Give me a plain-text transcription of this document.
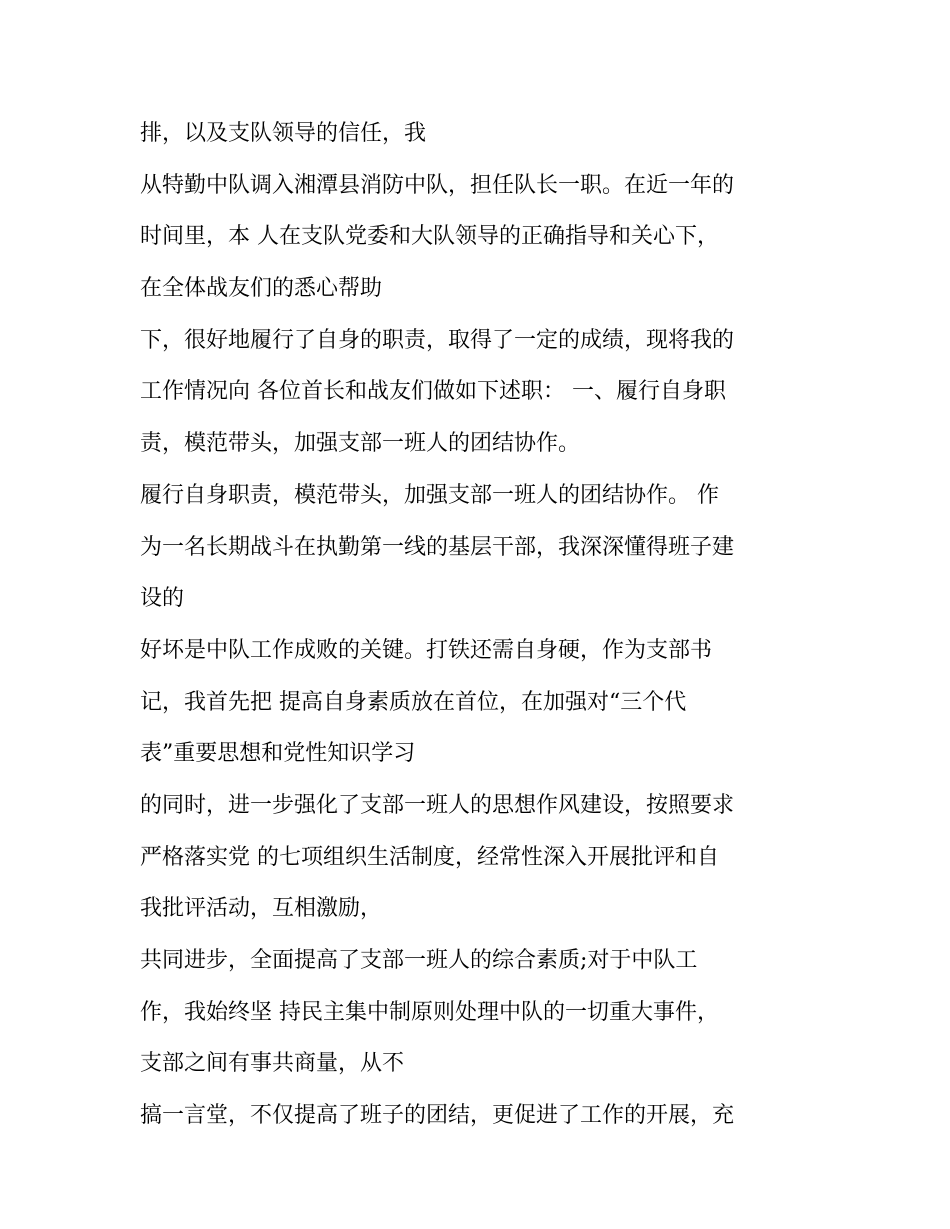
排，以及支队领导的信任，我
从特勤中队调入湘潭县消防中队，担任队长一职。在近一年的
时间里，本 人在支队党委和大队领导的正确指导和关心下，
在全体战友们的悉心帮助
下，很好地履行了自身的职责，取得了一定的成绩，现将我的
工作情况向 各位首长和战友们做如下述职： 一、履行自身职
责，模范带头，加强支部一班人的团结协作。
履行自身职责，模范带头，加强支部一班人的团结协作。 作
为一名长期战斗在执勤第一线的基层干部，我深深懂得班子建
设的
好坏是中队工作成败的关键。打铁还需自身硬，作为支部书
记，我首先把 提高自身素质放在首位，在加强对“三个代
表”重要思想和党性知识学习
的同时，进一步强化了支部一班人的思想作风建设，按照要求
严格落实党 的七项组织生活制度，经常性深入开展批评和自
我批评活动，互相激励，
共同进步，全面提高了支部一班人的综合素质;对于中队工
作，我始终坚 持民主集中制原则处理中队的一切重大事件，
支部之间有事共商量，从不
搞一言堂，不仅提高了班子的团结，更促进了工作的开展，充
